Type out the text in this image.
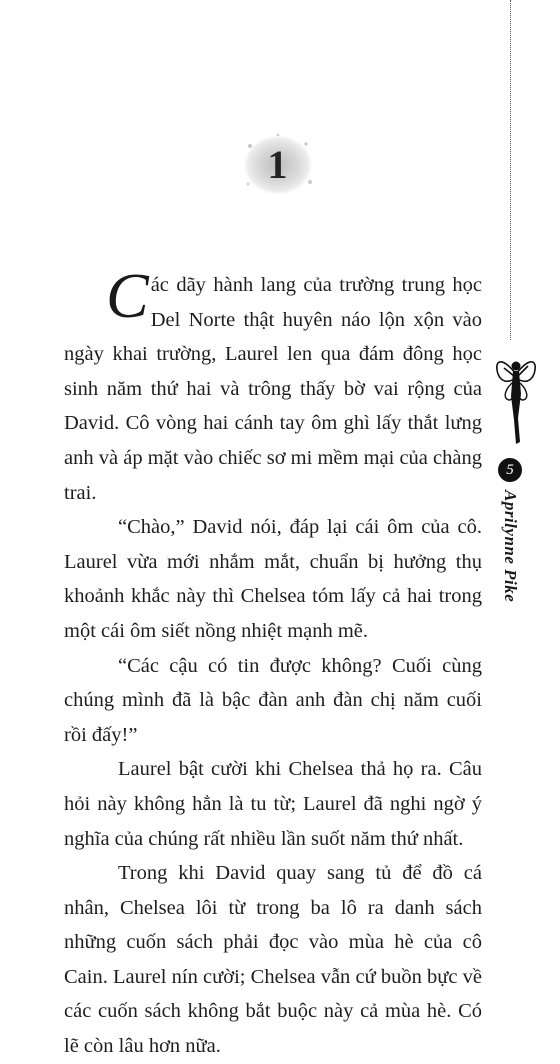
1

Các dãy hành lang của trường trung học Del Norte thật huyên náo lộn xộn vào ngày khai trường, Laurel len qua đám đông học sinh năm thứ hai và trông thấy bờ vai rộng của David. Cô vòng hai cánh tay ôm ghì lấy thắt lưng anh và áp mặt vào chiếc sơ mi mềm mại của chàng trai.

“Chào,” David nói, đáp lại cái ôm của cô. Laurel vừa mới nhắm mắt, chuẩn bị hưởng thụ khoảnh khắc này thì Chelsea tóm lấy cả hai trong một cái ôm siết nồng nhiệt mạnh mẽ.

“Các cậu có tin được không? Cuối cùng chúng mình đã là bậc đàn anh đàn chị năm cuối rồi đấy!”

Laurel bật cười khi Chelsea thả họ ra. Câu hỏi này không hẳn là tu từ; Laurel đã nghi ngờ ý nghĩa của chúng rất nhiều lần suốt năm thứ nhất.

Trong khi David quay sang tủ để đồ cá nhân, Chelsea lôi từ trong ba lô ra danh sách những cuốn sách phải đọc vào mùa hè của cô Cain. Laurel nín cười; Chelsea vẫn cứ buồn bực về các cuốn sách không bắt buộc này cả mùa hè. Có lẽ còn lâu hơn nữa.

5
Aprilynne Pike
